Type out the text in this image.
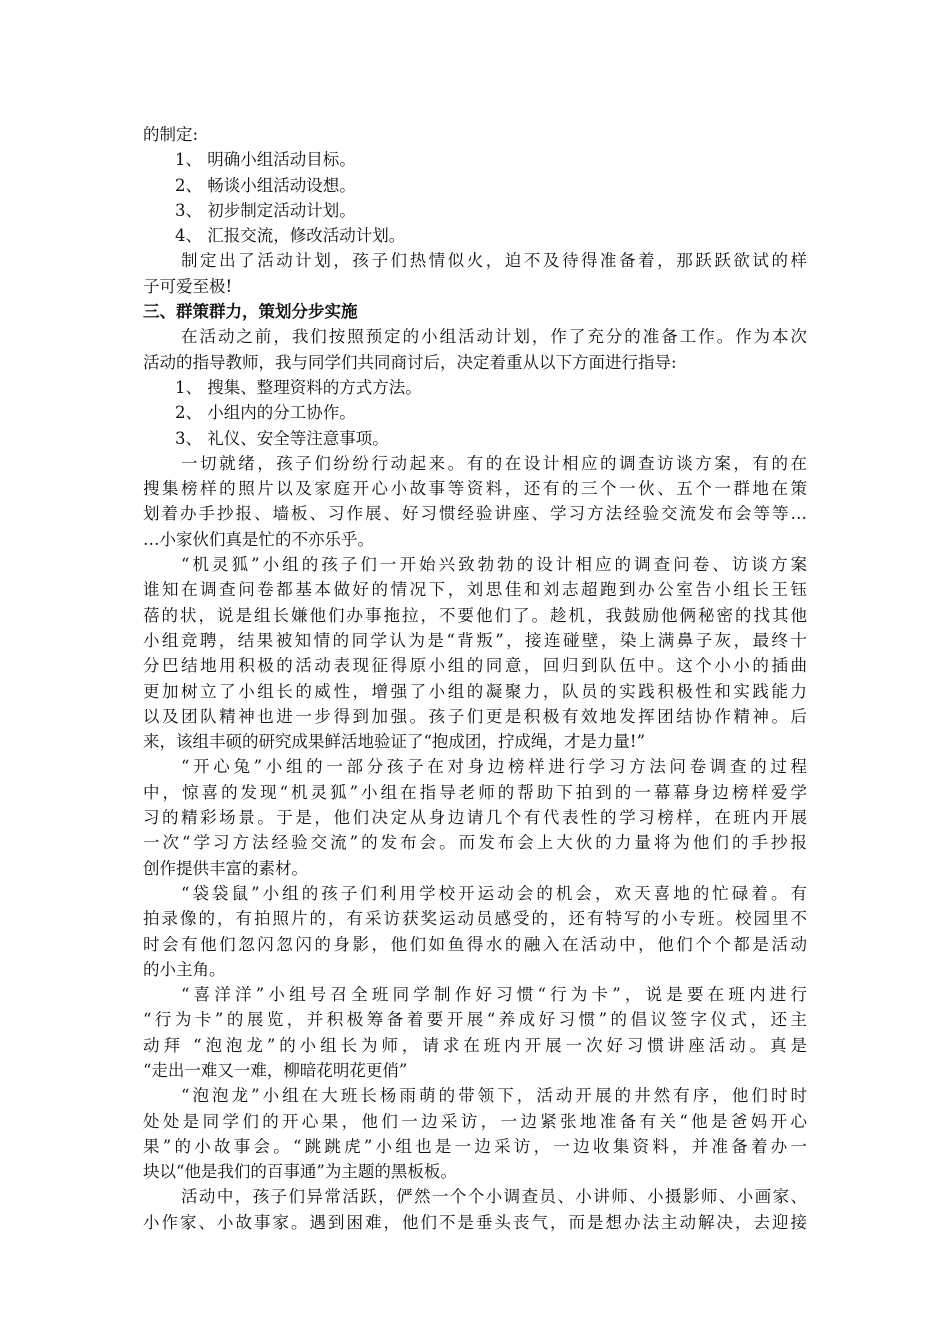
的制定:
1、 明确小组活动目标。
2、 畅谈小组活动设想。
3、 初步制定活动计划。
4、 汇报交流，修改活动计划。
制定出了活动计划，孩子们热情似火，迫不及待得准备着，那跃跃欲试的样
子可爱至极!
三、群策群力，策划分步实施
在活动之前，我们按照预定的小组活动计划，作了充分的准备工作。作为本次
活动的指导教师，我与同学们共同商讨后，决定着重从以下方面进行指导:
1、 搜集、整理资料的方式方法。
2、 小组内的分工协作。
3、 礼仪、安全等注意事项。
一切就绪，孩子们纷纷行动起来。有的在设计相应的调查访谈方案，有的在
搜集榜样的照片以及家庭开心小故事等资料，还有的三个一伙、五个一群地在策
划着办手抄报、墙板、习作展、好习惯经验讲座、学习方法经验交流发布会等等…
…小家伙们真是忙的不亦乐乎。
“机灵狐”小组的孩子们一开始兴致勃勃的设计相应的调查问卷、访谈方案
谁知在调查问卷都基本做好的情况下，刘思佳和刘志超跑到办公室告小组长王钰
蓓的状，说是组长嫌他们办事拖拉，不要他们了。趁机，我鼓励他俩秘密的找其他
小组竞聘，结果被知情的同学认为是“背叛”，接连碰壁，染上满鼻子灰，最终十
分巴结地用积极的活动表现征得原小组的同意，回归到队伍中。这个小小的插曲
更加树立了小组长的威性，增强了小组的凝聚力，队员的实践积极性和实践能力
以及团队精神也进一步得到加强。孩子们更是积极有效地发挥团结协作精神。后
来，该组丰硕的研究成果鲜活地验证了“抱成团，拧成绳，才是力量!”
“开心兔”小组的一部分孩子在对身边榜样进行学习方法问卷调查的过程
中，惊喜的发现“机灵狐”小组在指导老师的帮助下拍到的一幕幕身边榜样爱学
习的精彩场景。于是，他们决定从身边请几个有代表性的学习榜样，在班内开展
一次“学习方法经验交流”的发布会。而发布会上大伙的力量将为他们的手抄报
创作提供丰富的素材。
“袋袋鼠”小组的孩子们利用学校开运动会的机会，欢天喜地的忙碌着。有
拍录像的，有拍照片的，有采访获奖运动员感受的，还有特写的小专班。校园里不
时会有他们忽闪忽闪的身影，他们如鱼得水的融入在活动中，他们个个都是活动
的小主角。
“喜洋洋”小组号召全班同学制作好习惯“行为卡”，说是要在班内进行
“行为卡”的展览，并积极筹备着要开展“养成好习惯”的倡议签字仪式，还主
动拜 “泡泡龙”的小组长为师，请求在班内开展一次好习惯讲座活动。真是
“走出一难又一难，柳暗花明花更俏”
“泡泡龙”小组在大班长杨雨萌的带领下，活动开展的井然有序，他们时时
处处是同学们的开心果，他们一边采访，一边紧张地准备有关“他是爸妈开心
果”的小故事会。“跳跳虎”小组也是一边采访，一边收集资料，并准备着办一
块以“他是我们的百事通”为主题的黑板板。
活动中，孩子们异常活跃，俨然一个个小调查员、小讲师、小摄影师、小画家、
小作家、小故事家。遇到困难，他们不是垂头丧气，而是想办法主动解决，去迎接
